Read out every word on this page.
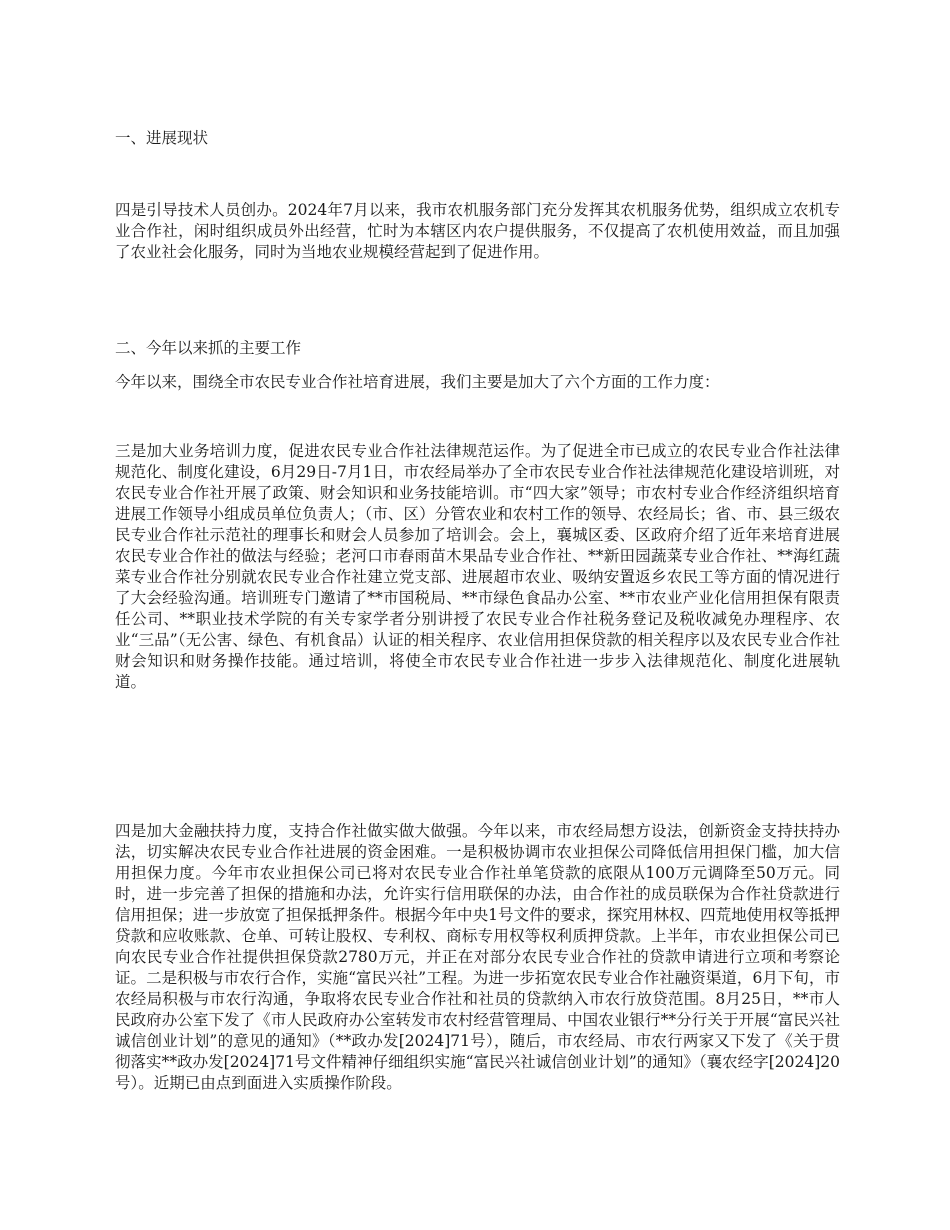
一、进展现状

四是引导技术人员创办。2024年7月以来，我市农机服务部门充分发挥其农机服务优势，组织成立农机专业合作社，闲时组织成员外出经营，忙时为本辖区内农户提供服务，不仅提高了农机使用效益，而且加强了农业社会化服务，同时为当地农业规模经营起到了促进作用。

二、今年以来抓的主要工作

今年以来，围绕全市农民专业合作社培育进展，我们主要是加大了六个方面的工作力度：

三是加大业务培训力度，促进农民专业合作社法律规范运作。为了促进全市已成立的农民专业合作社法律规范化、制度化建设，6月29日-7月1日，市农经局举办了全市农民专业合作社法律规范化建设培训班，对农民专业合作社开展了政策、财会知识和业务技能培训。市“四大家”领导；市农村专业合作经济组织培育进展工作领导小组成员单位负责人；（市、区）分管农业和农村工作的领导、农经局长；省、市、县三级农民专业合作社示范社的理事长和财会人员参加了培训会。会上，襄城区委、区政府介绍了近年来培育进展农民专业合作社的做法与经验；老河口市春雨苗木果品专业合作社、**新田园蔬菜专业合作社、**海红蔬菜专业合作社分别就农民专业合作社建立党支部、进展超市农业、吸纳安置返乡农民工等方面的情况进行了大会经验沟通。培训班专门邀请了**市国税局、**市绿色食品办公室、**市农业产业化信用担保有限责任公司、**职业技术学院的有关专家学者分别讲授了农民专业合作社税务登记及税收减免办理程序、农业“三品”（无公害、绿色、有机食品）认证的相关程序、农业信用担保贷款的相关程序以及农民专业合作社财会知识和财务操作技能。通过培训，将使全市农民专业合作社进一步步入法律规范化、制度化进展轨道。

四是加大金融扶持力度，支持合作社做实做大做强。今年以来，市农经局想方设法，创新资金支持扶持办法，切实解决农民专业合作社进展的资金困难。一是积极协调市农业担保公司降低信用担保门槛，加大信用担保力度。今年市农业担保公司已将对农民专业合作社单笔贷款的底限从100万元调降至50万元。同时，进一步完善了担保的措施和办法，允许实行信用联保的办法，由合作社的成员联保为合作社贷款进行信用担保；进一步放宽了担保抵押条件。根据今年中央1号文件的要求，探究用林权、四荒地使用权等抵押贷款和应收账款、仓单、可转让股权、专利权、商标专用权等权利质押贷款。上半年，市农业担保公司已向农民专业合作社提供担保贷款2780万元，并正在对部分农民专业合作社的贷款申请进行立项和考察论证。二是积极与市农行合作，实施“富民兴社”工程。为进一步拓宽农民专业合作社融资渠道，6月下旬，市农经局积极与市农行沟通，争取将农民专业合作社和社员的贷款纳入市农行放贷范围。8月25日，**市人民政府办公室下发了《市人民政府办公室转发市农村经营管理局、中国农业银行**分行关于开展“富民兴社诚信创业计划”的意见的通知》（**政办发[2024]71号），随后，市农经局、市农行两家又下发了《关于贯彻落实**政办发[2024]71号文件精神仔细组织实施“富民兴社诚信创业计划”的通知》（襄农经字[2024]20号）。近期已由点到面进入实质操作阶段。
